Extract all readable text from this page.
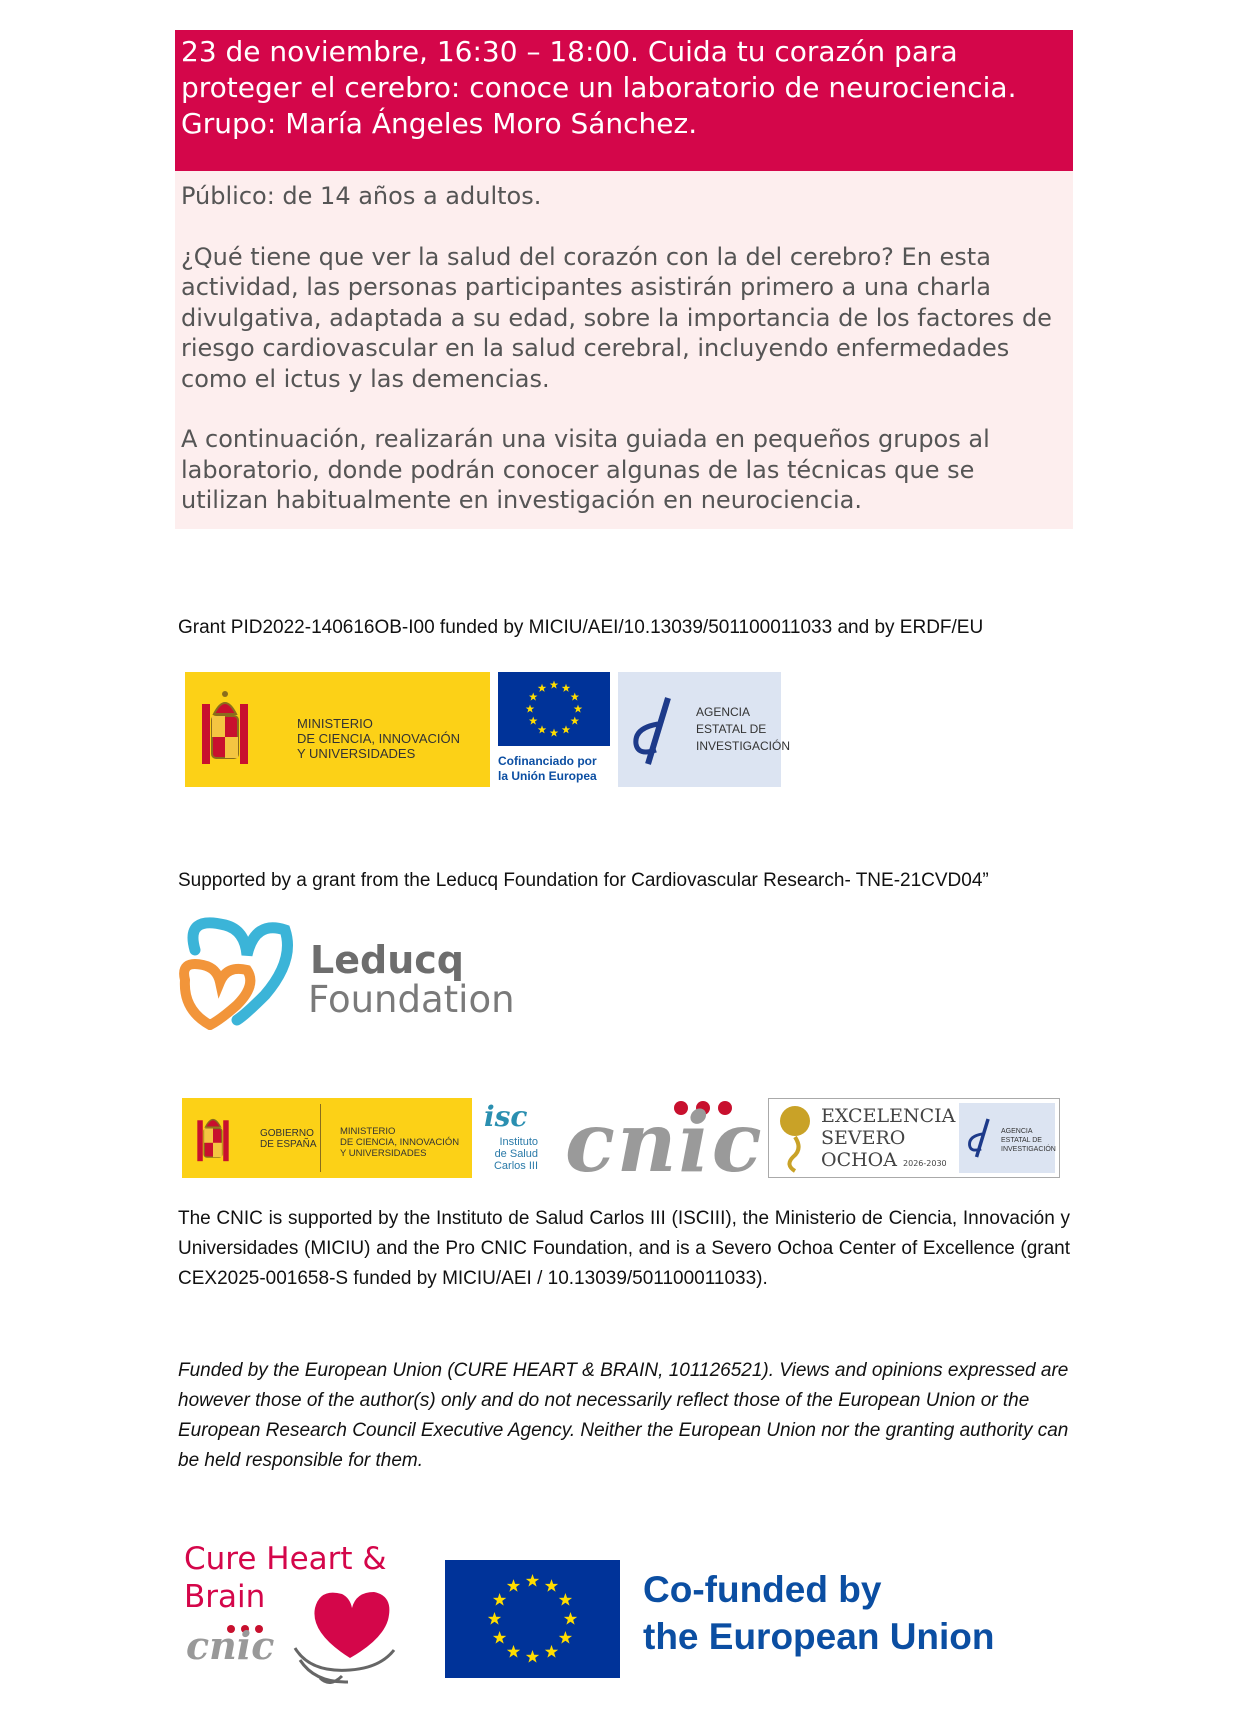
23 de noviembre, 16:30 – 18:00. Cuida tu corazón para proteger el cerebro: conoce un laboratorio de neurociencia. Grupo: María Ángeles Moro Sánchez.

Público: de 14 años a adultos.

¿Qué tiene que ver la salud del corazón con la del cerebro? En esta actividad, las personas participantes asistirán primero a una charla divulgativa, adaptada a su edad, sobre la importancia de los factores de riesgo cardiovascular en la salud cerebral, incluyendo enfermedades como el ictus y las demencias.

A continuación, realizarán una visita guiada en pequeños grupos al laboratorio, donde podrán conocer algunas de las técnicas que se utilizan habitualmente en investigación en neurociencia.

Grant PID2022-140616OB-I00 funded by MICIU/AEI/10.13039/501100011033 and by ERDF/EU
MINISTERIO
DE CIENCIA, INNOVACIÓN
Y UNIVERSIDADES	Cofinanciado por
la Unión Europea
AGENCIA
ESTATAL DE
INVESTIGACIÓN
Supported by a grant from the Leducq Foundation for Cardiovascular Research- TNE-21CVD04”
Leducq
Foundation
GOBIERNO
DE ESPAÑA
MINISTERIO
DE CIENCIA, INNOVACIÓN
Y UNIVERSIDADES
isc
Instituto
de Salud
Carlos III cnic	EXCELENCIA
SEVERO
OCHOA 2026-2030
AGENCIA
ESTATAL DE
INVESTIGACIÓN
The CNIC is supported by the Instituto de Salud Carlos III (ISCIII), the Ministerio de Ciencia, Innovación y Universidades (MICIU) and the Pro CNIC Foundation, and is a Severo Ochoa Center of Excellence (grant CEX2025-001658-S funded by MICIU/AEI / 10.13039/501100011033).
Funded by the European Union (CURE HEART & BRAIN, 101126521). Views and opinions expressed are however those of the author(s) only and do not necessarily reflect those of the European Union or the European Research Council Executive Agency. Neither the European Union nor the granting authority can be held responsible for them.
Cure Heart &
Brain
cnic
Co-funded by
the European Union
